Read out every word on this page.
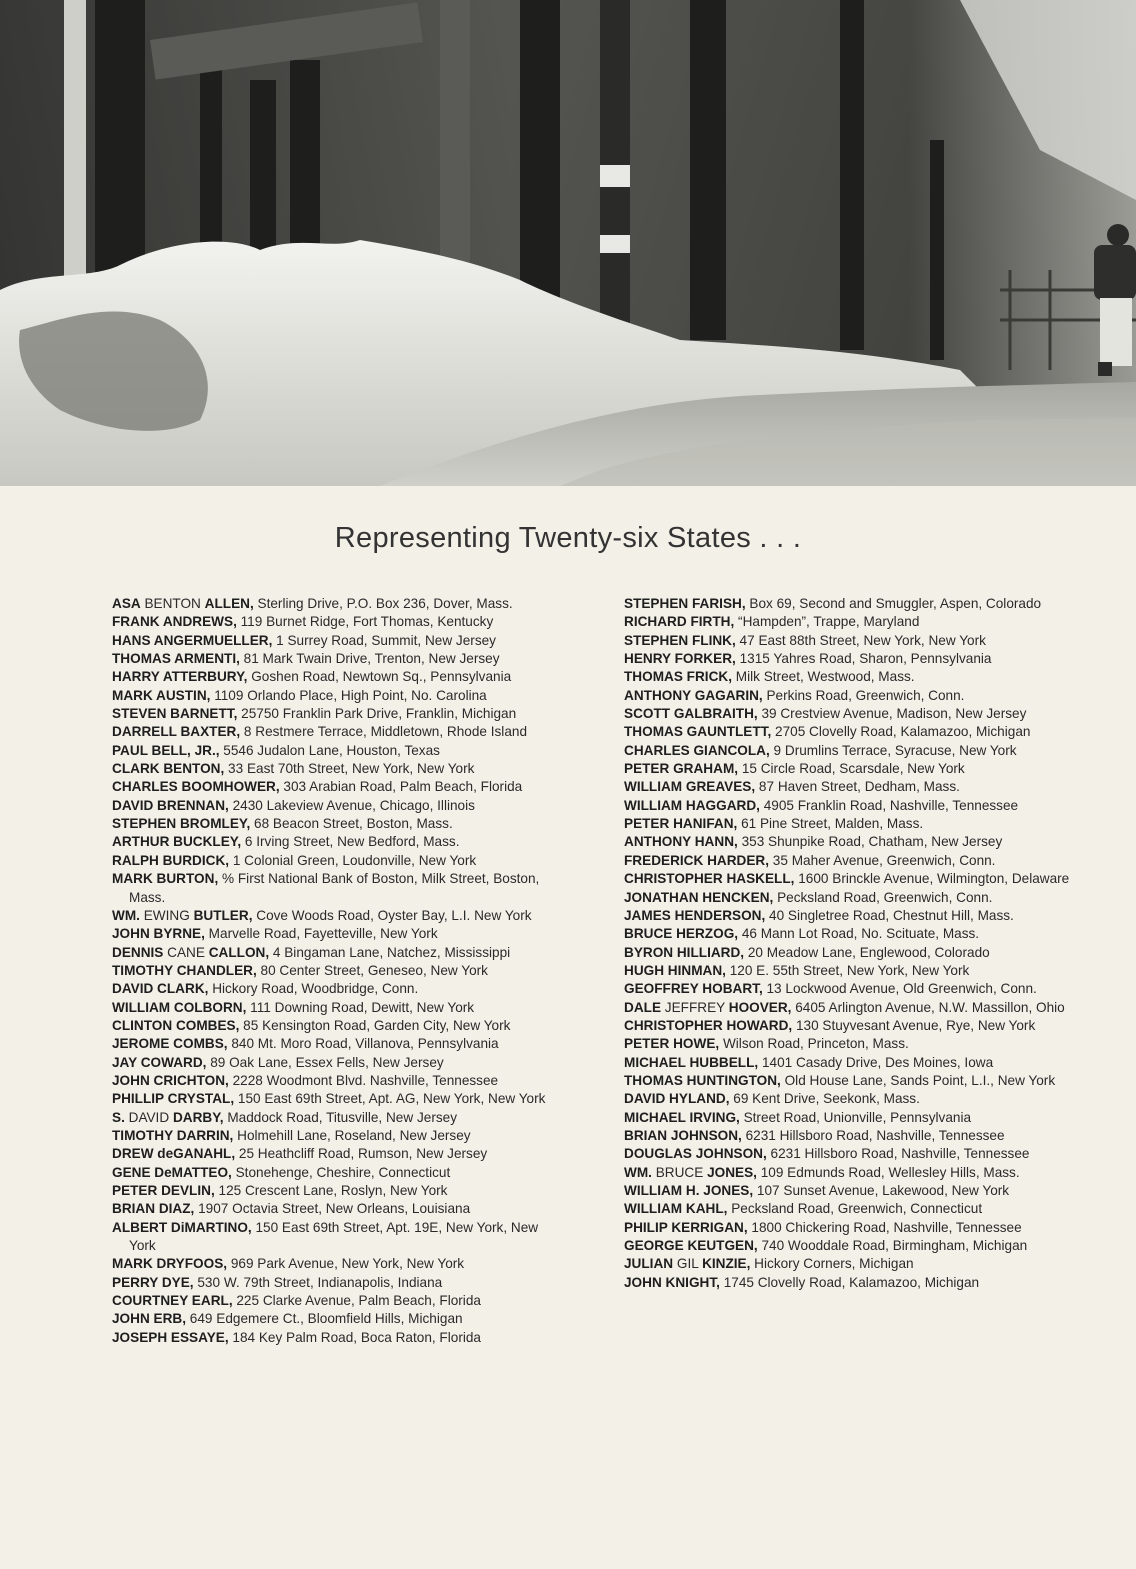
Representing Twenty-six States . . .
ASA BENTON ALLEN, Sterling Drive, P.O. Box 236, Dover, Mass.
FRANK ANDREWS, 119 Burnet Ridge, Fort Thomas, Kentucky
HANS ANGERMUELLER, 1 Surrey Road, Summit, New Jersey
THOMAS ARMENTI, 81 Mark Twain Drive, Trenton, New Jersey
HARRY ATTERBURY, Goshen Road, Newtown Sq., Pennsylvania
MARK AUSTIN, 1109 Orlando Place, High Point, No. Carolina
STEVEN BARNETT, 25750 Franklin Park Drive, Franklin, Michigan
DARRELL BAXTER, 8 Restmere Terrace, Middletown, Rhode Island
PAUL BELL, JR., 5546 Judalon Lane, Houston, Texas
CLARK BENTON, 33 East 70th Street, New York, New York
CHARLES BOOMHOWER, 303 Arabian Road, Palm Beach, Florida
DAVID BRENNAN, 2430 Lakeview Avenue, Chicago, Illinois
STEPHEN BROMLEY, 68 Beacon Street, Boston, Mass.
ARTHUR BUCKLEY, 6 Irving Street, New Bedford, Mass.
RALPH BURDICK, 1 Colonial Green, Loudonville, New York
MARK BURTON, % First National Bank of Boston, Milk Street, Boston, Mass.
WM. EWING BUTLER, Cove Woods Road, Oyster Bay, L.I. New York
JOHN BYRNE, Marvelle Road, Fayetteville, New York
DENNIS CANE CALLON, 4 Bingaman Lane, Natchez, Mississippi
TIMOTHY CHANDLER, 80 Center Street, Geneseo, New York
DAVID CLARK, Hickory Road, Woodbridge, Conn.
WILLIAM COLBORN, 111 Downing Road, Dewitt, New York
CLINTON COMBES, 85 Kensington Road, Garden City, New York
JEROME COMBS, 840 Mt. Moro Road, Villanova, Pennsylvania
JAY COWARD, 89 Oak Lane, Essex Fells, New Jersey
JOHN CRICHTON, 2228 Woodmont Blvd. Nashville, Tennessee
PHILLIP CRYSTAL, 150 East 69th Street, Apt. AG, New York, New York
S. DAVID DARBY, Maddock Road, Titusville, New Jersey
TIMOTHY DARRIN, Holmehill Lane, Roseland, New Jersey
DREW deGANAHL, 25 Heathcliff Road, Rumson, New Jersey
GENE DeMATTEO, Stonehenge, Cheshire, Connecticut
PETER DEVLIN, 125 Crescent Lane, Roslyn, New York
BRIAN DIAZ, 1907 Octavia Street, New Orleans, Louisiana
ALBERT DiMARTINO, 150 East 69th Street, Apt. 19E, New York, New York
MARK DRYFOOS, 969 Park Avenue, New York, New York
PERRY DYE, 530 W. 79th Street, Indianapolis, Indiana
COURTNEY EARL, 225 Clarke Avenue, Palm Beach, Florida
JOHN ERB, 649 Edgemere Ct., Bloomfield Hills, Michigan
JOSEPH ESSAYE, 184 Key Palm Road, Boca Raton, Florida
STEPHEN FARISH, Box 69, Second and Smuggler, Aspen, Colorado
RICHARD FIRTH, “Hampden”, Trappe, Maryland
STEPHEN FLINK, 47 East 88th Street, New York, New York
HENRY FORKER, 1315 Yahres Road, Sharon, Pennsylvania
THOMAS FRICK, Milk Street, Westwood, Mass.
ANTHONY GAGARIN, Perkins Road, Greenwich, Conn.
SCOTT GALBRAITH, 39 Crestview Avenue, Madison, New Jersey
THOMAS GAUNTLETT, 2705 Clovelly Road, Kalamazoo, Michigan
CHARLES GIANCOLA, 9 Drumlins Terrace, Syracuse, New York
PETER GRAHAM, 15 Circle Road, Scarsdale, New York
WILLIAM GREAVES, 87 Haven Street, Dedham, Mass.
WILLIAM HAGGARD, 4905 Franklin Road, Nashville, Tennessee
PETER HANIFAN, 61 Pine Street, Malden, Mass.
ANTHONY HANN, 353 Shunpike Road, Chatham, New Jersey
FREDERICK HARDER, 35 Maher Avenue, Greenwich, Conn.
CHRISTOPHER HASKELL, 1600 Brinckle Avenue, Wilmington, Delaware
JONATHAN HENCKEN, Pecksland Road, Greenwich, Conn.
JAMES HENDERSON, 40 Singletree Road, Chestnut Hill, Mass.
BRUCE HERZOG, 46 Mann Lot Road, No. Scituate, Mass.
BYRON HILLIARD, 20 Meadow Lane, Englewood, Colorado
HUGH HINMAN, 120 E. 55th Street, New York, New York
GEOFFREY HOBART, 13 Lockwood Avenue, Old Greenwich, Conn.
DALE JEFFREY HOOVER, 6405 Arlington Avenue, N.W. Massillon, Ohio
CHRISTOPHER HOWARD, 130 Stuyvesant Avenue, Rye, New York
PETER HOWE, Wilson Road, Princeton, Mass.
MICHAEL HUBBELL, 1401 Casady Drive, Des Moines, Iowa
THOMAS HUNTINGTON, Old House Lane, Sands Point, L.I., New York
DAVID HYLAND, 69 Kent Drive, Seekonk, Mass.
MICHAEL IRVING, Street Road, Unionville, Pennsylvania
BRIAN JOHNSON, 6231 Hillsboro Road, Nashville, Tennessee
DOUGLAS JOHNSON, 6231 Hillsboro Road, Nashville, Tennessee
WM. BRUCE JONES, 109 Edmunds Road, Wellesley Hills, Mass.
WILLIAM H. JONES, 107 Sunset Avenue, Lakewood, New York
WILLIAM KAHL, Pecksland Road, Greenwich, Connecticut
PHILIP KERRIGAN, 1800 Chickering Road, Nashville, Tennessee
GEORGE KEUTGEN, 740 Wooddale Road, Birmingham, Michigan
JULIAN GIL KINZIE, Hickory Corners, Michigan
JOHN KNIGHT, 1745 Clovelly Road, Kalamazoo, Michigan
